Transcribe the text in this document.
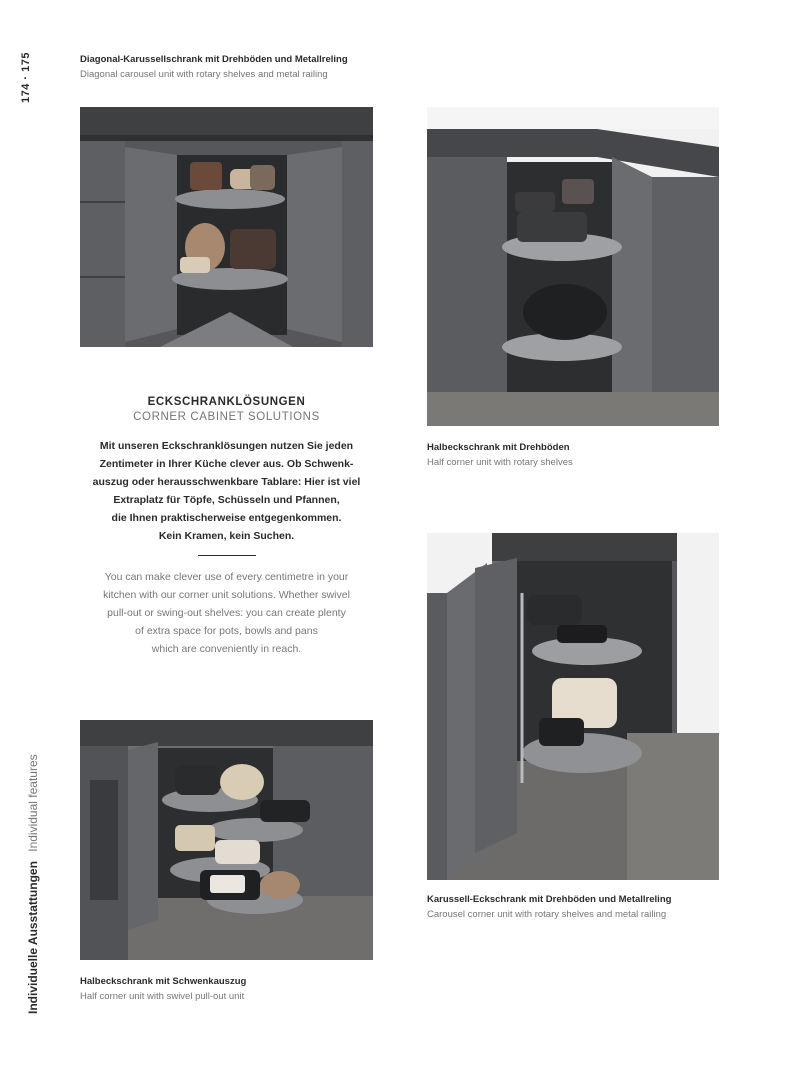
174 · 175
Individuelle Ausstattungen Individual features
Diagonal-Karussellschrank mit Drehböden und Metallreling
Diagonal carousel unit with rotary shelves and metal railing
Halbeckschrank mit Drehböden
Half corner unit with rotary shelves
ECKSCHRANKLÖSUNGEN
CORNER CABINET SOLUTIONS
Mit unseren Eckschranklösungen nutzen Sie jeden
Zentimeter in Ihrer Küche clever aus. Ob Schwenk-
auszug oder herausschwenkbare Tablare: Hier ist viel
Extraplatz für Töpfe, Schüsseln und Pfannen,
die Ihnen praktischerweise entgegenkommen.
Kein Kramen, kein Suchen.
You can make clever use of every centimetre in your
kitchen with our corner unit solutions. Whether swivel
pull-out or swing-out shelves: you can create plenty
of extra space for pots, bowls and pans
which are conveniently in reach.
Karussell-Eckschrank mit Drehböden und Metallreling
Carousel corner unit with rotary shelves and metal railing
Halbeckschrank mit Schwenkauszug
Half corner unit with swivel pull-out unit
